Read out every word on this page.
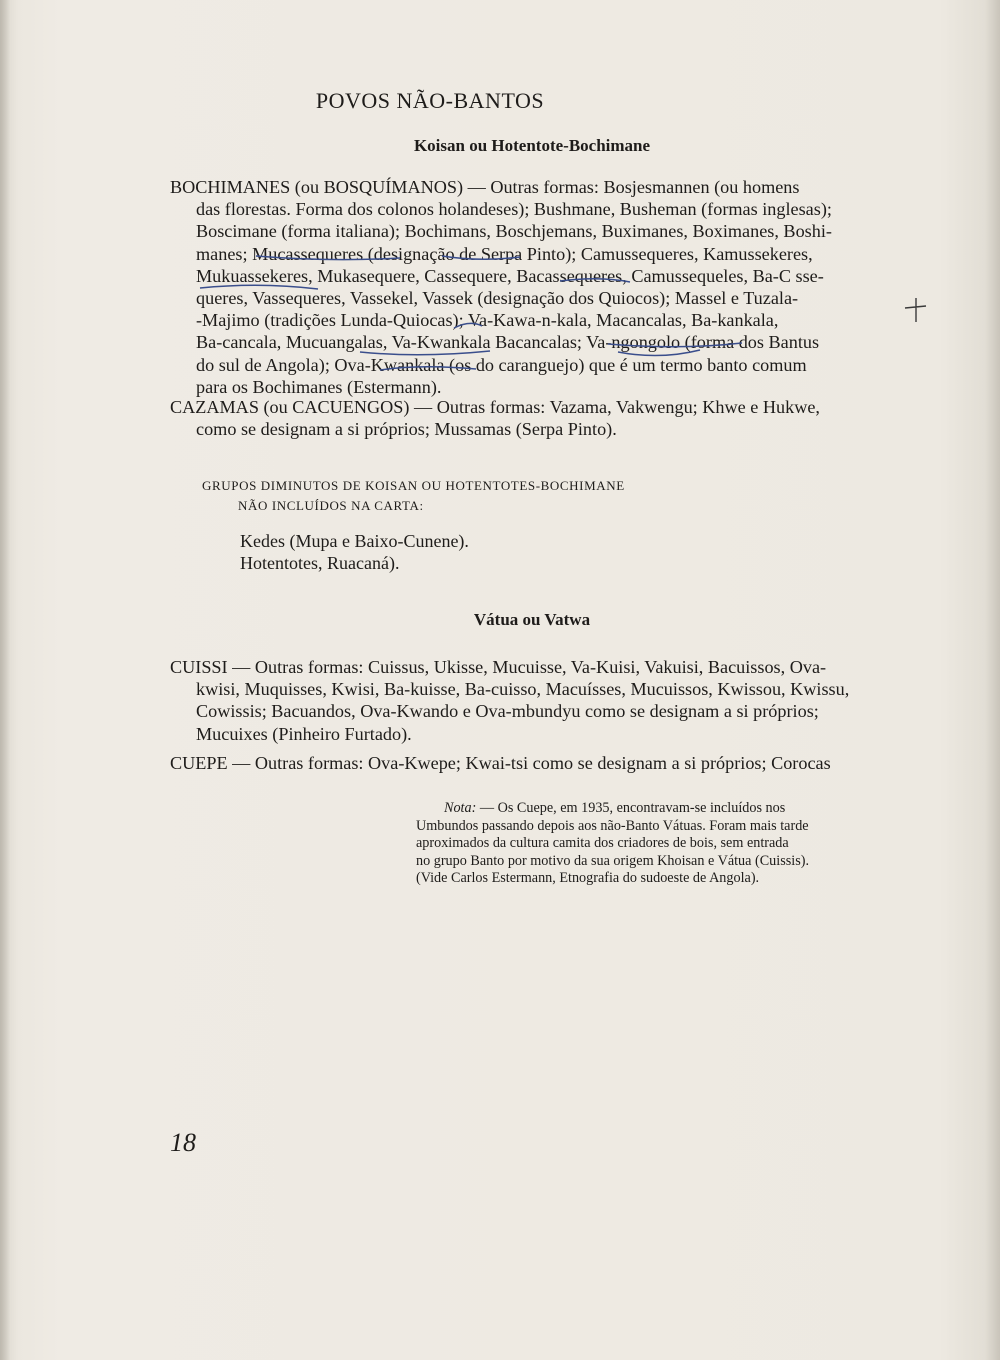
POVOS NÃO-BANTOS
Koisan ou Hotentote-Bochimane

BOCHIMANES (ou BOSQUÍMANOS) — Outras formas: Bosjesmannen (ou homens

das florestas. Forma dos colonos holandeses); Bushmane, Busheman (formas inglesas);

Boscimane (forma italiana); Bochimans, Boschjemans, Buximanes, Boximanes, Boshi-

manes; Mucassequeres (designação de Serpa Pinto); Camussequeres, Kamussekeres,

Mukuassekeres, Mukasequere, Cassequere, Bacassequeres, Camussequeles, Ba-C sse-

queres, Vassequeres, Vassekel, Vassek (designação dos Quiocos); Massel e Tuzala-

-Majimo (tradições Lunda-Quiocas); Va-Kawa-n-kala, Macancalas, Ba-kankala,

Ba-cancala, Mucuangalas, Va-Kwankala Bacancalas; Va-ngongolo (forma dos Bantus

do sul de Angola); Ova-Kwankala (os do caranguejo) que é um termo banto comum

para os Bochimanes (Estermann).

CAZAMAS (ou CACUENGOS) — Outras formas: Vazama, Vakwengu; Khwe e Hukwe,

como se designam a si próprios; Mussamas (Serpa Pinto).

GRUPOS DIMINUTOS DE KOISAN OU HOTENTOTES-BOCHIMANE
NÃO INCLUÍDOS NA CARTA:
Kedes (Mupa e Baixo-Cunene).
Hotentotes, Ruacaná).
Vátua ou Vatwa

CUISSI — Outras formas: Cuissus, Ukisse, Mucuisse, Va-Kuisi, Vakuisi, Bacuissos, Ova-

kwisi, Muquisses, Kwisi, Ba-kuisse, Ba-cuisso, Macuísses, Mucuissos, Kwissou, Kwissu,

Cowissis; Bacuandos, Ova-Kwando e Ova-mbundyu como se designam a si próprios;

Mucuixes (Pinheiro Furtado).

CUEPE — Outras formas: Ova-Kwepe; Kwai-tsi como se designam a si próprios; Corocas

Nota: — Os Cuepe, em 1935, encontravam-se incluídos nos
Umbundos passando depois aos não-Banto Vátuas. Foram mais tarde
aproximados da cultura camita dos criadores de bois, sem entrada
no grupo Banto por motivo da sua origem Khoisan e Vátua (Cuissis).
(Vide Carlos Estermann, Etnografia do sudoeste de Angola).
18
